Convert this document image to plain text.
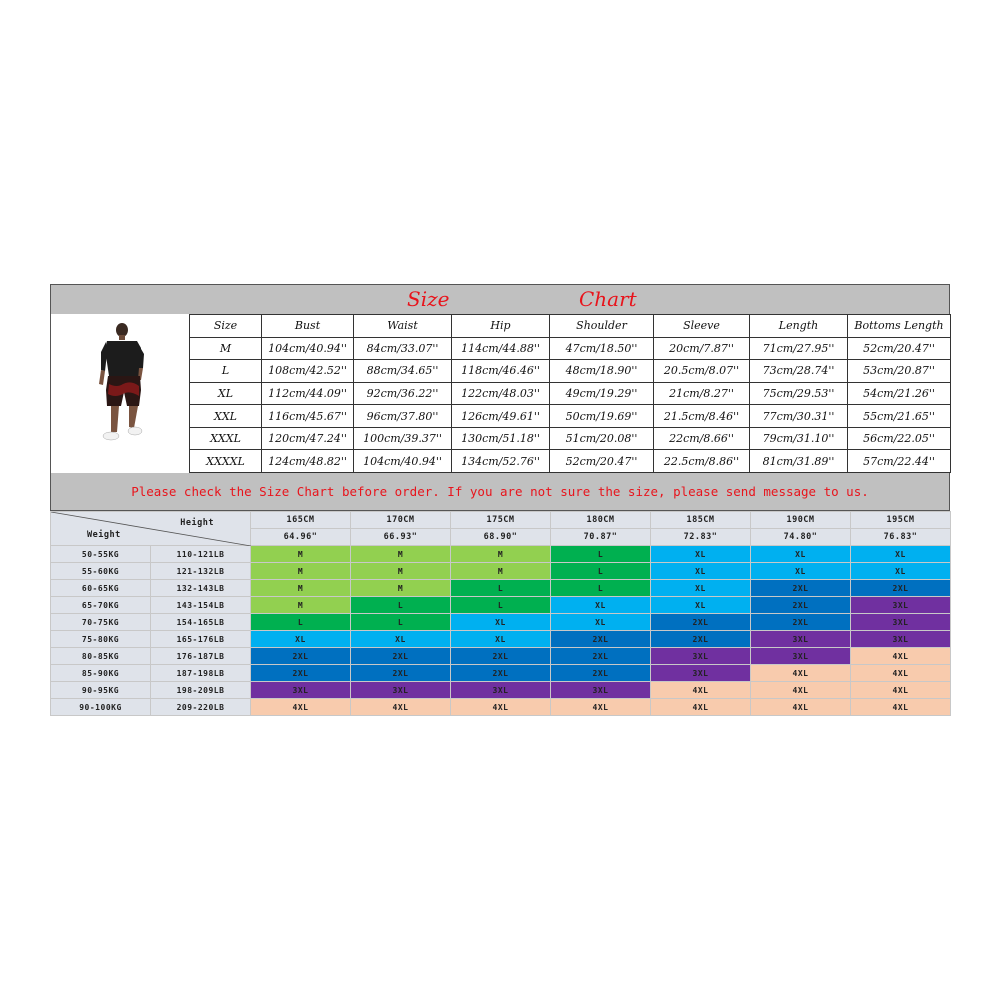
Size	Chart
Size	Bust	Waist	Hip	Shoulder	Sleeve	Length	Bottoms Length
M	104cm/40.94''	84cm/33.07''	114cm/44.88''	47cm/18.50''	20cm/7.87''	71cm/27.95''	52cm/20.47''
L	108cm/42.52''	88cm/34.65''	118cm/46.46''	48cm/18.90''	20.5cm/8.07''	73cm/28.74''	53cm/20.87''
XL	112cm/44.09''	92cm/36.22''	122cm/48.03''	49cm/19.29''	21cm/8.27''	75cm/29.53''	54cm/21.26''
XXL	116cm/45.67''	96cm/37.80''	126cm/49.61''	50cm/19.69''	21.5cm/8.46''	77cm/30.31''	55cm/21.65''
XXXL	120cm/47.24''	100cm/39.37''	130cm/51.18''	51cm/20.08''	22cm/8.66''	79cm/31.10''	56cm/22.05''
XXXXL	124cm/48.82''	104cm/40.94''	134cm/52.76''	52cm/20.47''	22.5cm/8.86''	81cm/31.89''	57cm/22.44''
Please check the Size Chart before order. If you are not sure the size, please send message to us.
Height
Weight		165CM	170CM	175CM	180CM	185CM	190CM	195CM
		64.96"	66.93"	68.90"	70.87"	72.83"	74.80"	76.83"
50-55KG	110-121LB	M	M	M	L	XL	XL	XL
55-60KG	121-132LB	M	M	M	L	XL	XL	XL
60-65KG	132-143LB	M	M	L	L	XL	2XL	2XL
65-70KG	143-154LB	M	L	L	XL	XL	2XL	3XL
70-75KG	154-165LB	L	L	XL	XL	2XL	2XL	3XL
75-80KG	165-176LB	XL	XL	XL	2XL	2XL	3XL	3XL
80-85KG	176-187LB	2XL	2XL	2XL	2XL	3XL	3XL	4XL
85-90KG	187-198LB	2XL	2XL	2XL	2XL	3XL	4XL	4XL
90-95KG	198-209LB	3XL	3XL	3XL	3XL	4XL	4XL	4XL
90-100KG	209-220LB	4XL	4XL	4XL	4XL	4XL	4XL	4XL
